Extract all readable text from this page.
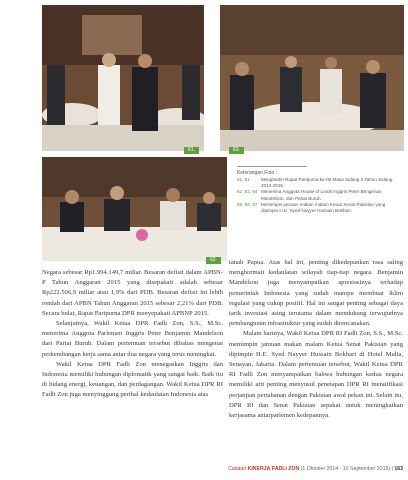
61.	63.
62.
Keterangan Foto :
61, 61	Menghadiri Rapat Paripurna ke-09 Masa Sidang II Tahun Sidang 2014-2015.
62, 63, 64 Menerima Anggota House of Lords Inggris Peter Bengirnan Mandelson, dan Partai Buruh.
65, 66, 67 Memimpin jamuan makan malam Ketua Senat Pakistan yang dipimpin H.E. Syed Nayyer Hussain Bokhari.

Negara sebesar Rp1.994.149,7 miliar. Besaran defisit dalam APBN-P Tahun Anggaran 2015 yang disepakati adalah sebesar Rp222.506,9 miliar atau 1,9% dari PDB. Besaran defisit ini lebih rendah dari APBN Tahun Anggaran 2015 sebesar 2,21% dari PDB. Secara bulat, Rapat Paripurna DPR menyepakati APBNP 2015.

Selanjutnya, Wakil Ketua DPR Fadli Zon, S.S., M.Sc. menerima Anggota Parlemen Inggris Peter Benjamin Mandelson dari Partai Buruh. Dalam pertemuan tersebut dibahas mengenai perkembangan kerja sama antar dua negara yang terus meningkat.

Wakil Ketua DPR Fadli Zon menegaskan Inggris dan Indonesia memiliki hubungan diplomatik yang sangat baik. Baik itu di bidang energi, keuangan, dan perdagangan. Wakil Ketua DPR RI Fadli Zon juga menyinggung perihal kedaulatan Indonesia atas

tanah Papua. Atas hal ini, penting dikedepankan rasa saling menghormati kedaulatan wilayah tiap-tiap negara. Benjamin Mandelson juga menyampaikan apresiasinya terhadap pemerintah Indonesia yang sudah mampu membuat iklim regulasi yang cukup positif. Hal ini sangat penting sebagai daya tarik investasi asing terutama dalam mendukung terwujudnya pembangunan infrastruktur yang sudah direncanakan.

Malam harinya, Wakil Ketua DPR RI Fadli Zon, S.S., M.Sc. memimpin jamuan makan malam Ketua Senat Pakistan yang dipimpin H.E. Syed Nayyer Hussain Bokhari di Hotel Mulia, Senayan, Jakarta. Dalam pertemuan tersebut, Wakil Ketua DPR RI Fadli Zon menyampaikan bahwa hubungan kedua negara memiliki arti penting menyusul penetapan DPR RI meratifikasi perjanjian pertahanan dengan Pakistan awal pekan ini. Selain itu, DPR RI dan Senat Pakistan sepakat untuk meningkatkan kerjasama antarparlemen kedepannya.

Catatan KINERJA FADLI ZON (1 Oktober 2014 - 10 September 2015) | 163
